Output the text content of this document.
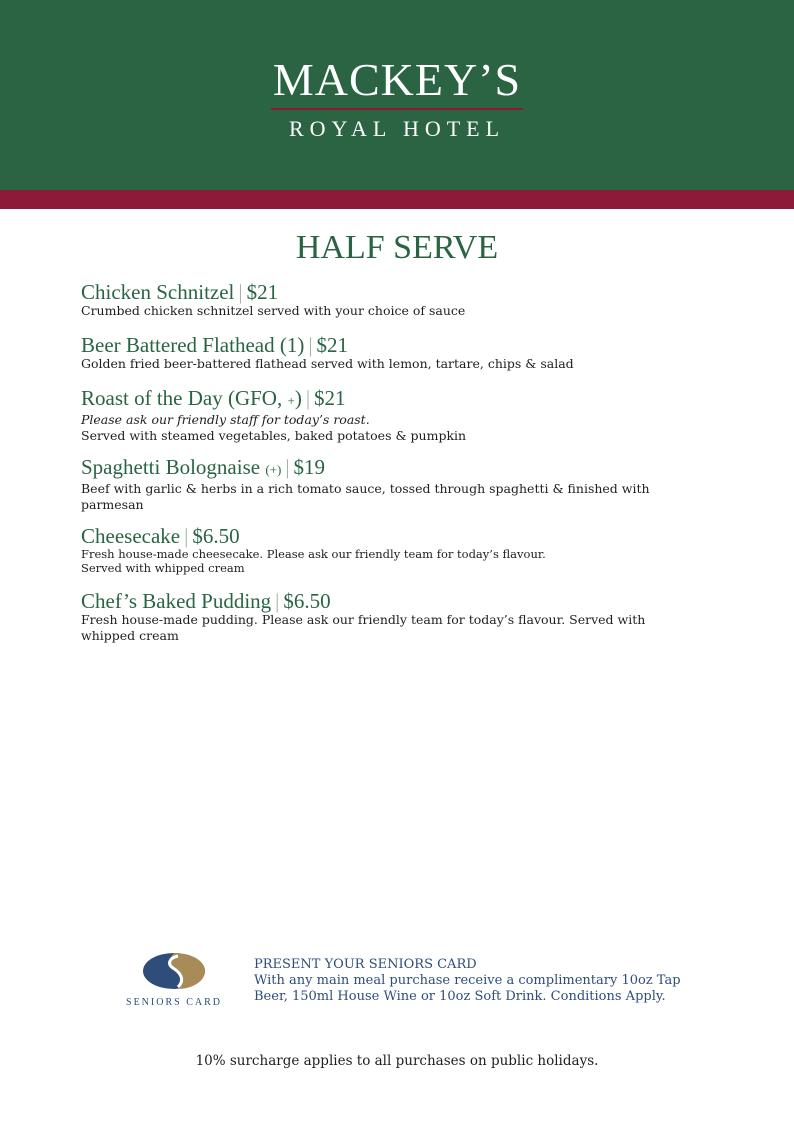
MACKEY’S
ROYAL HOTEL
HALF SERVE
Chicken Schnitzel | $21
Crumbed chicken schnitzel served with your choice of sauce
Beer Battered Flathead (1) | $21
Golden fried beer-battered flathead served with lemon, tartare, chips & salad
Roast of the Day (GFO, +) | $21
Please ask our friendly staff for today’s roast.
Served with steamed vegetables, baked potatoes & pumpkin
Spaghetti Bolognaise (+) | $19
Beef with garlic & herbs in a rich tomato sauce, tossed through spaghetti & finished with
parmesan
Cheesecake | $6.50
Fresh house-made cheesecake. Please ask our friendly team for today’s flavour.
Served with whipped cream
Chef’s Baked Pudding | $6.50
Fresh house-made pudding. Please ask our friendly team for today’s flavour. Served with
whipped cream
SENIORS CARD
PRESENT YOUR SENIORS CARD
With any main meal purchase receive a complimentary 10oz Tap
Beer, 150ml House Wine or 10oz Soft Drink. Conditions Apply.
10% surcharge applies to all purchases on public holidays.
